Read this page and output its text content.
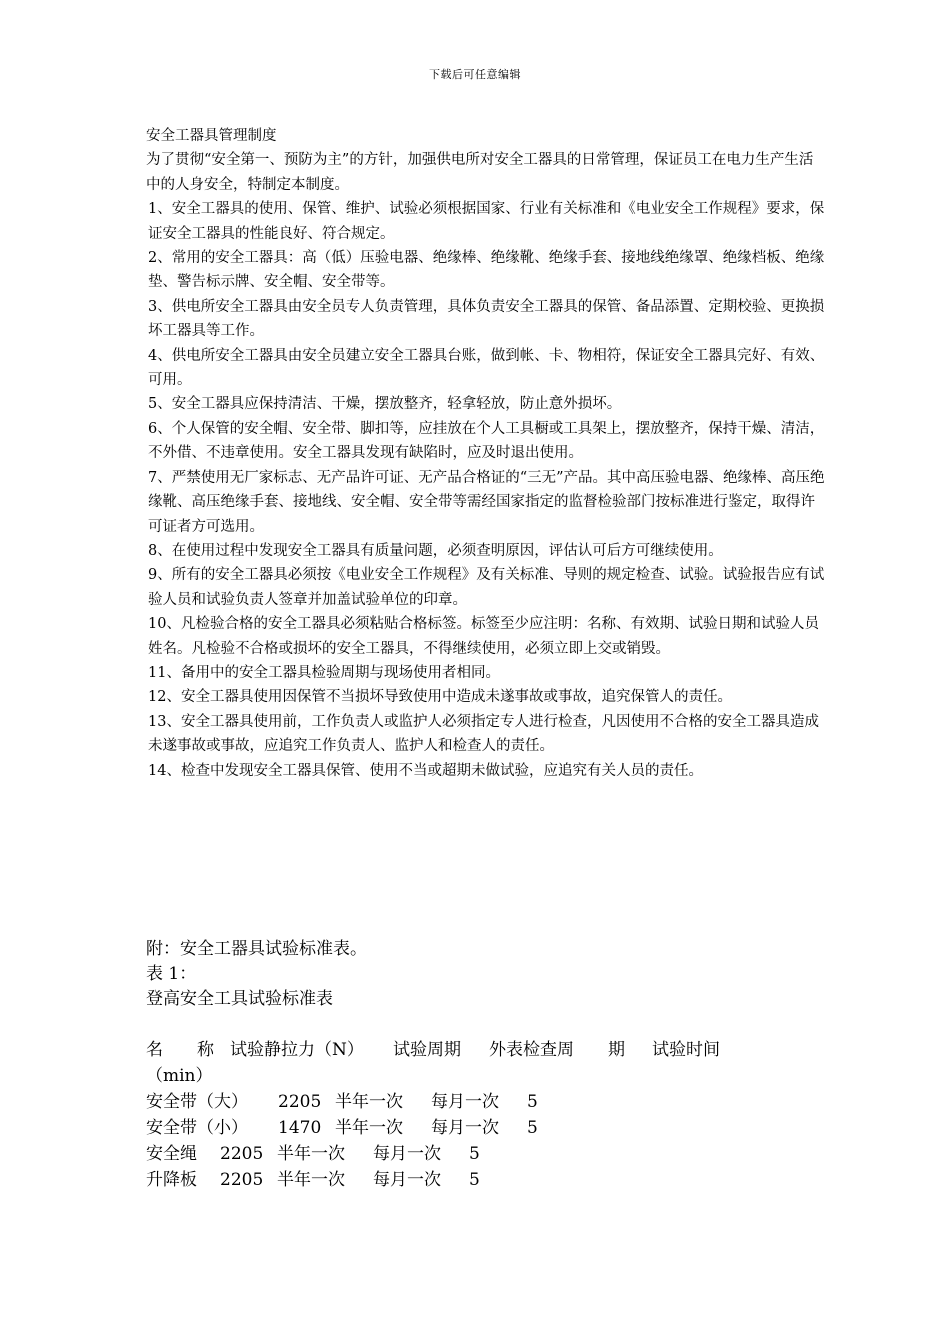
下载后可任意编辑

安全工器具管理制度

为了贯彻“安全第一、预防为主”的方针，加强供电所对安全工器具的日常管理，保证员工在电力生产生活中的人身安全，特制定本制度。

1、安全工器具的使用、保管、维护、试验必须根据国家、行业有关标准和《电业安全工作规程》要求，保证安全工器具的性能良好、符合规定。

2、常用的安全工器具：高（低）压验电器、绝缘棒、绝缘靴、绝缘手套、接地线绝缘罩、绝缘档板、绝缘垫、警告标示牌、安全帽、安全带等。

3、供电所安全工器具由安全员专人负责管理，具体负责安全工器具的保管、备品添置、定期校验、更换损坏工器具等工作。

4、供电所安全工器具由安全员建立安全工器具台账，做到帐、卡、物相符，保证安全工器具完好、有效、可用。

5、安全工器具应保持清洁、干燥，摆放整齐，轻拿轻放，防止意外损坏。

6、个人保管的安全帽、安全带、脚扣等，应挂放在个人工具橱或工具架上，摆放整齐，保持干燥、清洁，不外借、不违章使用。安全工器具发现有缺陷时，应及时退出使用。

7、严禁使用无厂家标志、无产品许可证、无产品合格证的“三无”产品。其中高压验电器、绝缘棒、高压绝缘靴、高压绝缘手套、接地线、安全帽、安全带等需经国家指定的监督检验部门按标准进行鉴定，取得许可证者方可选用。

8、在使用过程中发现安全工器具有质量问题，必须查明原因，评估认可后方可继续使用。

9、所有的安全工器具必须按《电业安全工作规程》及有关标准、导则的规定检查、试验。试验报告应有试验人员和试验负责人签章并加盖试验单位的印章。

10、凡检验合格的安全工器具必须粘贴合格标签。标签至少应注明：名称、有效期、试验日期和试验人员姓名。凡检验不合格或损坏的安全工器具，不得继续使用，必须立即上交或销毁。

11、备用中的安全工器具检验周期与现场使用者相同。

12、安全工器具使用因保管不当损坏导致使用中造成未遂事故或事故，追究保管人的责任。

13、安全工器具使用前，工作负责人或监护人必须指定专人进行检查，凡因使用不合格的安全工器具造成未遂事故或事故，应追究工作负责人、监护人和检查人的责任。

14、检查中发现安全工器具保管、使用不当或超期未做试验，应追究有关人员的责任。

附：安全工器具试验标准表。

表 1：

登高安全工具试验标准表

名　　称 试验静拉力（N） 试验周期 外表检查周　　期 试验时间
（min）
安全带（大） 2205 半年一次 每月一次 5
安全带（小） 1470 半年一次 每月一次 5
安全绳 2205 半年一次 每月一次 5
升降板 2205 半年一次 每月一次 5
